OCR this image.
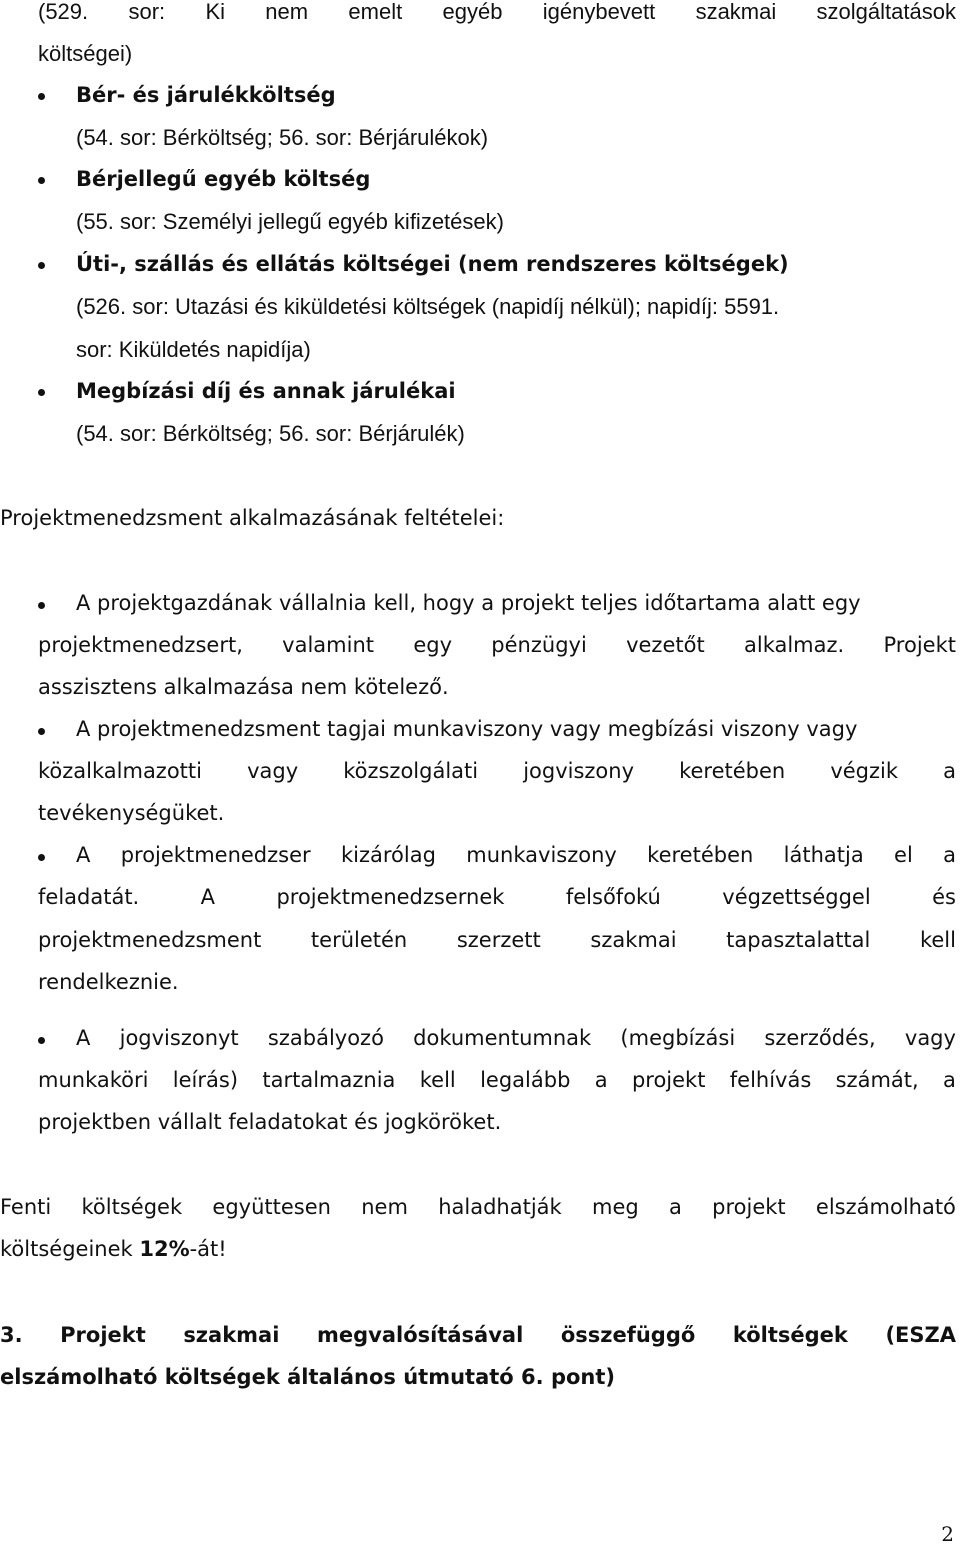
(529. sor: Ki nem emelt egyéb igénybevett szakmai szolgáltatások
költségei)
Bér- és járulékköltség
(54. sor: Bérköltség; 56. sor: Bérjárulékok)
Bérjellegű egyéb költség
(55. sor: Személyi jellegű egyéb kifizetések)
Úti-, szállás és ellátás költségei (nem rendszeres költségek)
(526. sor: Utazási és kiküldetési költségek (napidíj nélkül); napidíj: 5591.
sor: Kiküldetés napidíja)
Megbízási díj és annak járulékai
(54. sor: Bérköltség; 56. sor: Bérjárulék)
Projektmenedzsment alkalmazásának feltételei:
A projektgazdának vállalnia kell, hogy a projekt teljes időtartama alatt egy
projektmenedzsert, valamint egy pénzügyi vezetőt alkalmaz. Projekt
asszisztens alkalmazása nem kötelező.
A projektmenedzsment tagjai munkaviszony vagy megbízási viszony vagy
közalkalmazotti vagy közszolgálati jogviszony keretében végzik a
tevékenységüket.
A projektmenedzser kizárólag munkaviszony keretében láthatja el a
feladatát.	A	projektmenedzsernek	felsőfokú	végzettséggel	és
projektmenedzsment területén szerzett szakmai tapasztalattal kell
rendelkeznie.
A jogviszonyt szabályozó dokumentumnak (megbízási szerződés, vagy
munkaköri leírás) tartalmaznia kell legalább a projekt felhívás számát, a
projektben vállalt feladatokat és jogköröket.
Fenti költségek együttesen nem haladhatják meg a projekt elszámolható
költségeinek 12%-át!
3. Projekt szakmai megvalósításával összefüggő költségek (ESZA
elszámolható költségek általános útmutató 6. pont)
2
